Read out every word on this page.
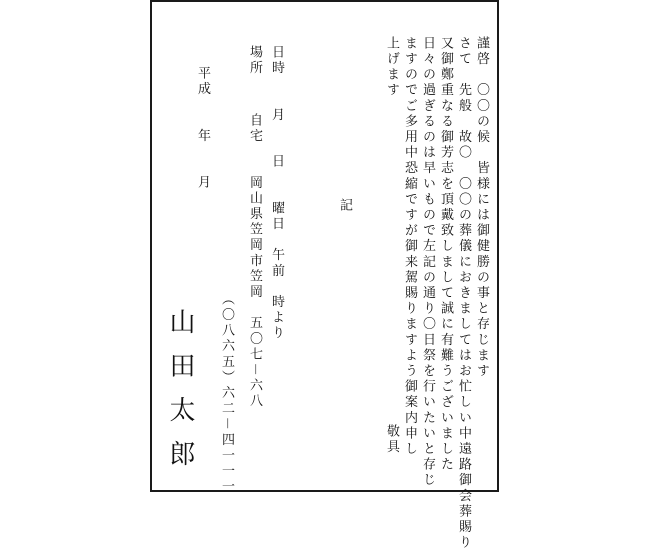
謹啓　〇〇の候　皆様には御健勝の事と存じます
さて　先般　故〇　〇〇の葬儀におきましてはお忙しい中遠路御会葬賜り
又御鄭重なる御芳志を頂戴致しまして誠に有難うございました
日々の過ぎるのは早いもので左記の通り〇日祭を行いたいと存じ
ますのでご多用中恐縮ですが御来駕賜りますよう御案内申し
上げます
敬具
記
日時　　月　　日　　曜日　午前　時より
場所
自宅　　岡山県笠岡市笠岡　五〇七－六八
（〇八六五）六二－四一一一
平成　　年　　月
山田太郎
